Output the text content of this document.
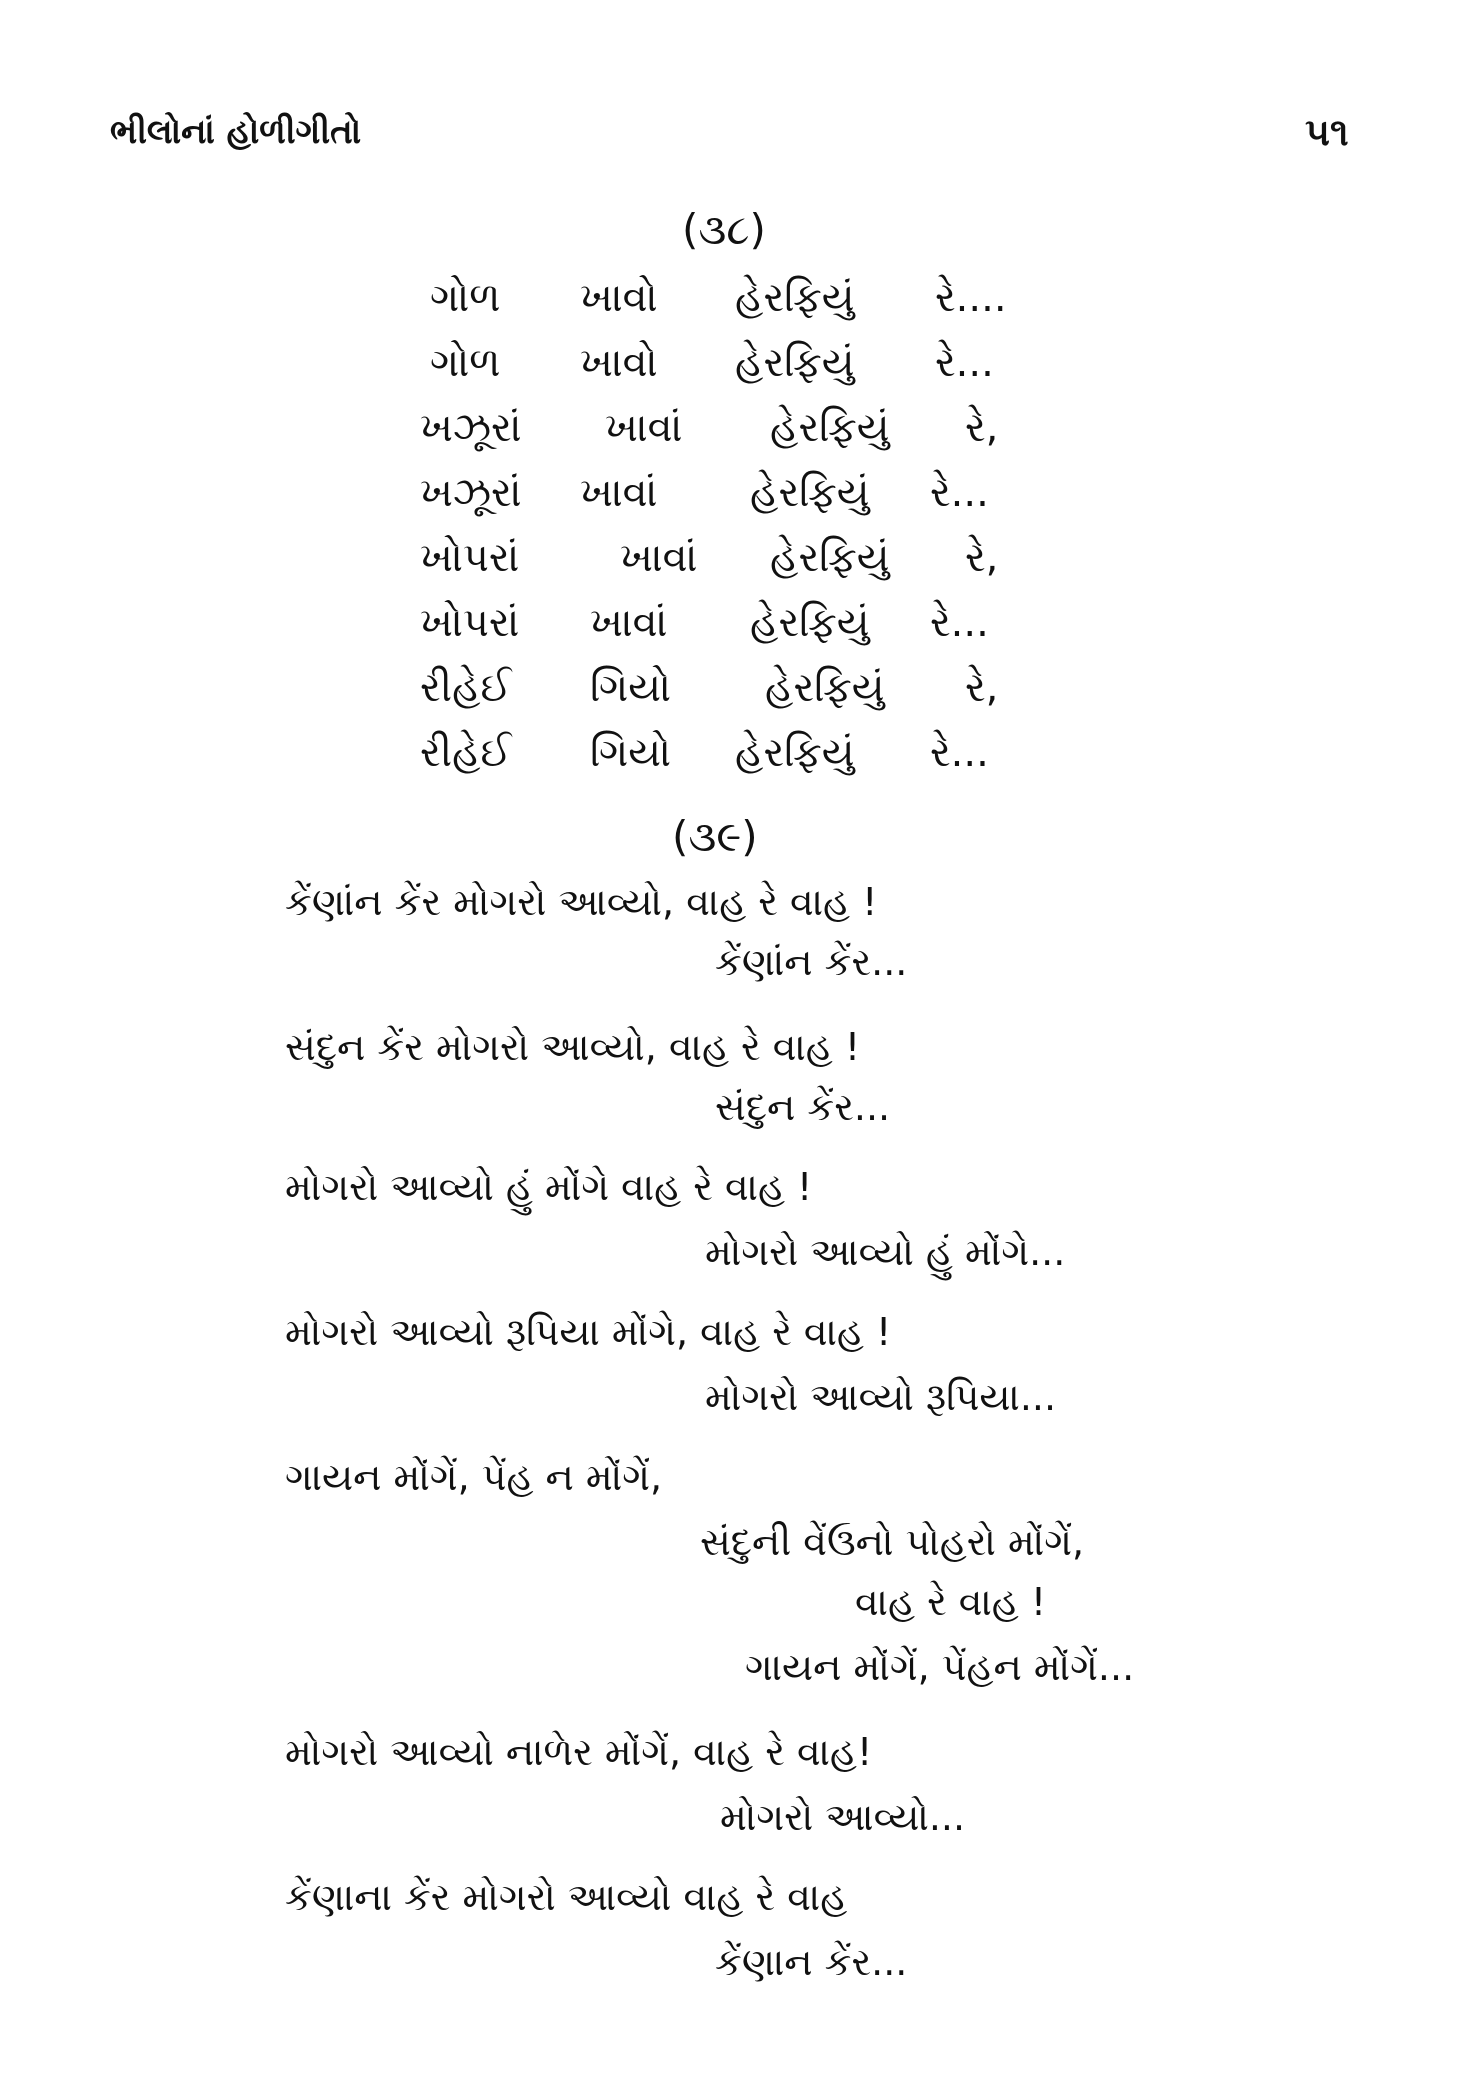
ભીલોનાં હોળીગીતો	૫૧
(૩૮)
ગોળ ખાવો હેરફિયું રે....
ગોળ ખાવો હેરફિયું રે...
ખઝૂરાં ખાવાં હેરફિયું રે,
ખઝૂરાં ખાવાં હેરફિયું રે...
ખોપરાં	ખાવાં હેરફિયું રે,
ખોપરાં ખાવાં હેરફિયું રે...
રીહેઈ ગિયો હેરફિયું રે,
રીહેઈ ગિયો હેરફિયું રે...
(૩૯)
કેંણાંન કેંર મોગરો આવ્યો, વાહ રે વાહ !
કેંણાંન કેંર...
સંદુન કેંર મોગરો આવ્યો, વાહ રે વાહ !
સંદુન કેંર...
મોગરો આવ્યો હું મોંગે વાહ રે વાહ !
મોગરો આવ્યો હું મોંગે...
મોગરો આવ્યો રૂપિયા મોંગે, વાહ રે વાહ !
મોગરો આવ્યો રૂપિયા...
ગાયન મોંગેં, પેંહ ન મોંગેં,
સંદુની વેંઉનો પોહરો મોંગેં,
વાહ રે વાહ !
ગાયન મોંગેં, પેંહન મોંગેં...
મોગરો આવ્યો નાળેર મોંગેં, વાહ રે વાહ!
મોગરો આવ્યો...
કેંણાના કેંર મોગરો આવ્યો વાહ રે વાહ
કેંણાન કેંર...
